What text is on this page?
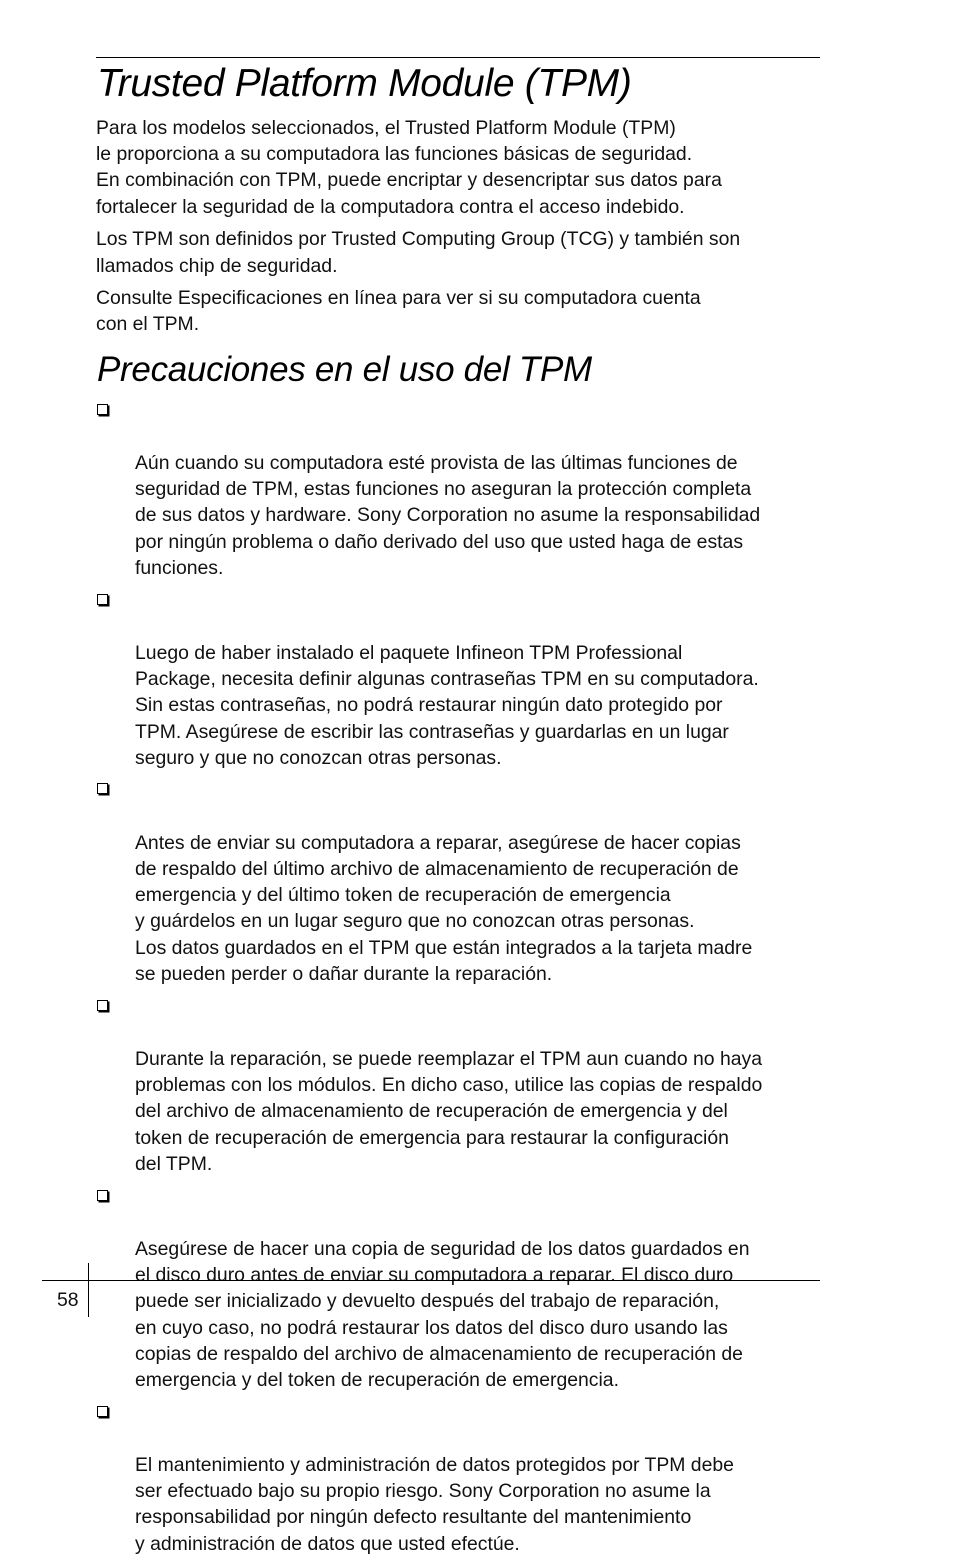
Trusted Platform Module (TPM)

Para los modelos seleccionados, el Trusted Platform Module (TPM)
le proporciona a su computadora las funciones básicas de seguridad.
En combinación con TPM, puede encriptar y desencriptar sus datos para
fortalecer la seguridad de la computadora contra el acceso indebido.

Los TPM son definidos por Trusted Computing Group (TCG) y también son
llamados chip de seguridad.

Consulte Especificaciones en línea para ver si su computadora cuenta
con el TPM.

Precauciones en el uso del TPM

Aún cuando su computadora esté provista de las últimas funciones de
seguridad de TPM, estas funciones no aseguran la protección completa
de sus datos y hardware. Sony Corporation no asume la responsabilidad
por ningún problema o daño derivado del uso que usted haga de estas
funciones.

Luego de haber instalado el paquete Infineon TPM Professional
Package, necesita definir algunas contraseñas TPM en su computadora.
Sin estas contraseñas, no podrá restaurar ningún dato protegido por
TPM. Asegúrese de escribir las contraseñas y guardarlas en un lugar
seguro y que no conozcan otras personas.

Antes de enviar su computadora a reparar, asegúrese de hacer copias
de respaldo del último archivo de almacenamiento de recuperación de
emergencia y del último token de recuperación de emergencia
y guárdelos en un lugar seguro que no conozcan otras personas.
Los datos guardados en el TPM que están integrados a la tarjeta madre
se pueden perder o dañar durante la reparación.

Durante la reparación, se puede reemplazar el TPM aun cuando no haya
problemas con los módulos. En dicho caso, utilice las copias de respaldo
del archivo de almacenamiento de recuperación de emergencia y del
token de recuperación de emergencia para restaurar la configuración
del TPM.

Asegúrese de hacer una copia de seguridad de los datos guardados en
el disco duro antes de enviar su computadora a reparar. El disco duro
puede ser inicializado y devuelto después del trabajo de reparación,
en cuyo caso, no podrá restaurar los datos del disco duro usando las
copias de respaldo del archivo de almacenamiento de recuperación de
emergencia y del token de recuperación de emergencia.

El mantenimiento y administración de datos protegidos por TPM debe
ser efectuado bajo su propio riesgo. Sony Corporation no asume la
responsabilidad por ningún defecto resultante del mantenimiento
y administración de datos que usted efectúe.

58
